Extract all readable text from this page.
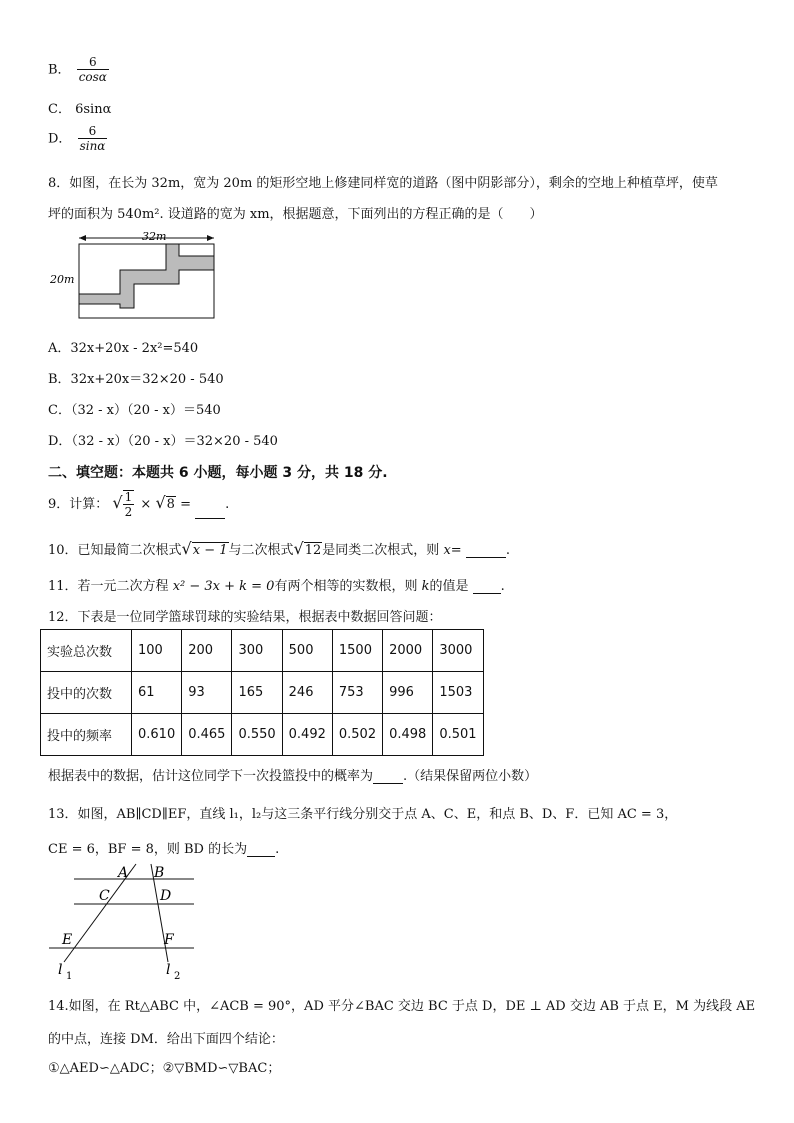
B． $\frac{6}{\cos\alpha}$
C． 6sinα
D． $\frac{6}{\sin\alpha}$
8．如图，在长为 32m，宽为 20m 的矩形空地上修建同样宽的道路（图中阴影部分），剩余的空地上种植草坪，使草
坪的面积为 540m². 设道路的宽为 xm，根据题意，下面列出的方程正确的是（　　）
32m
20m
A．32x+20x - 2x²=540
B．32x+20x＝32×20 - 540
C．（32 - x）（20 - x）＝540
D．（32 - x）（20 - x）＝32×20 - 540
二、填空题：本题共 6 小题，每小题 3 分，共 18 分.
9．计算： √ $\frac{1}{2} \times √8$ =	.
10．已知最简二次根式√x − 1与二次根式√12是同类二次根式，则 x=	.
11．若一元二次方程 x² − 3x + k = 0有两个相等的实数根，则 k的值是 .
12．下表是一位同学篮球罚球的实验结果，根据表中数据回答问题：
实验总次数	100	200	300	500	1500	2000	3000
投中的次数	61	93	165	246	753	996	1503
投中的频率	0.610	0.465	0.550	0.492	0.502	0.498	0.501
根据表中的数据，估计这位同学下一次投篮投中的概率为 .（结果保留两位小数）
13．如图，AB∥CD∥EF，直线 l₁，l₂与这三条平行线分别交于点 A、C、E，和点 B、D、F．已知 AC = 3，
CE = 6，BF = 8，则 BD 的长为 .
A B
C	D
E	F
l 1	l 2
14.如图，在 Rt△ABC 中，∠ACB = 90°，AD 平分∠BAC 交边 BC 于点 D，DE ⊥ AD 交边 AB 于点 E，M 为线段 AE
的中点，连接 DM．给出下面四个结论：
①△AED∽△ADC；②▽BMD∽▽BAC；
